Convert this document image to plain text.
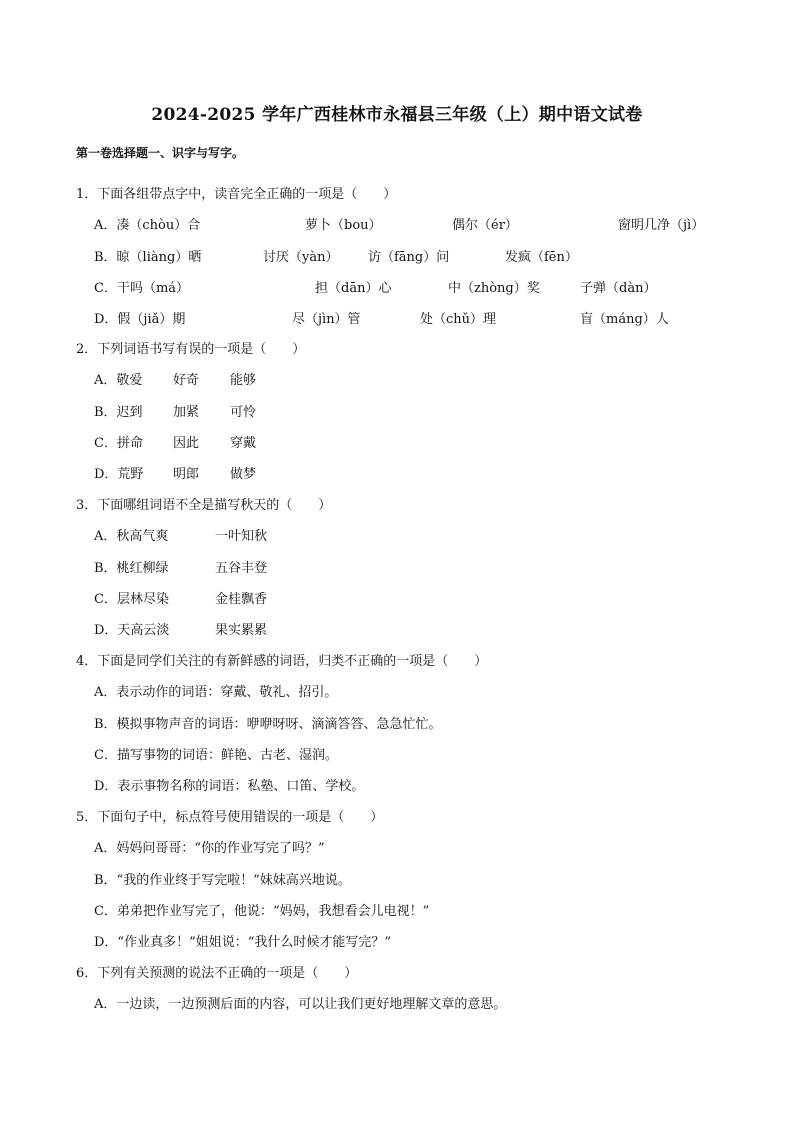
2024-2025 学年广西桂林市永福县三年级（上）期中语文试卷
第一卷选择题一、识字与写字。
1．下面各组带点字中，读音完全正确的一项是（　　）
A．凑（chòu）合	萝卜（bou）	偶尔（ér）	窗明几净（jì）
B．晾（liàng）晒	讨厌（yàn） 访（fāng）问	发疯（fēn）
C．干吗（má）	担（dān）心	中（zhòng）奖	子弹（dàn）
D．假（jiǎ）期	尽（jìn）管	处（chǔ）理	盲（máng）人
2．下列词语书写有误的一项是（　　）
A．敬爱 好奇 能够
B．迟到 加紧 可怜
C．拼命 因此 穿戴
D．荒野 明郎 做梦
3．下面哪组词语不全是描写秋天的（　　）
A．秋高气爽	一叶知秋
B．桃红柳绿	五谷丰登
C．层林尽染	金桂飘香
D．天高云淡	果实累累
4．下面是同学们关注的有新鲜感的词语，归类不正确的一项是（　　）
A．表示动作的词语：穿戴、敬礼、招引。
B．模拟事物声音的词语：咿咿呀呀、滴滴答答、急急忙忙。
C．描写事物的词语：鲜艳、古老、湿润。
D．表示事物名称的词语：私塾、口笛、学校。
5．下面句子中，标点符号使用错误的一项是（　　）
A．妈妈问哥哥：“你的作业写完了吗？”
B．“我的作业终于写完啦！”妹妹高兴地说。
C．弟弟把作业写完了，他说：“妈妈，我想看会儿电视！”
D．“作业真多！”姐姐说：“我什么时候才能写完？”
6．下列有关预测的说法不正确的一项是（　　）
A．一边读，一边预测后面的内容，可以让我们更好地理解文章的意思。
